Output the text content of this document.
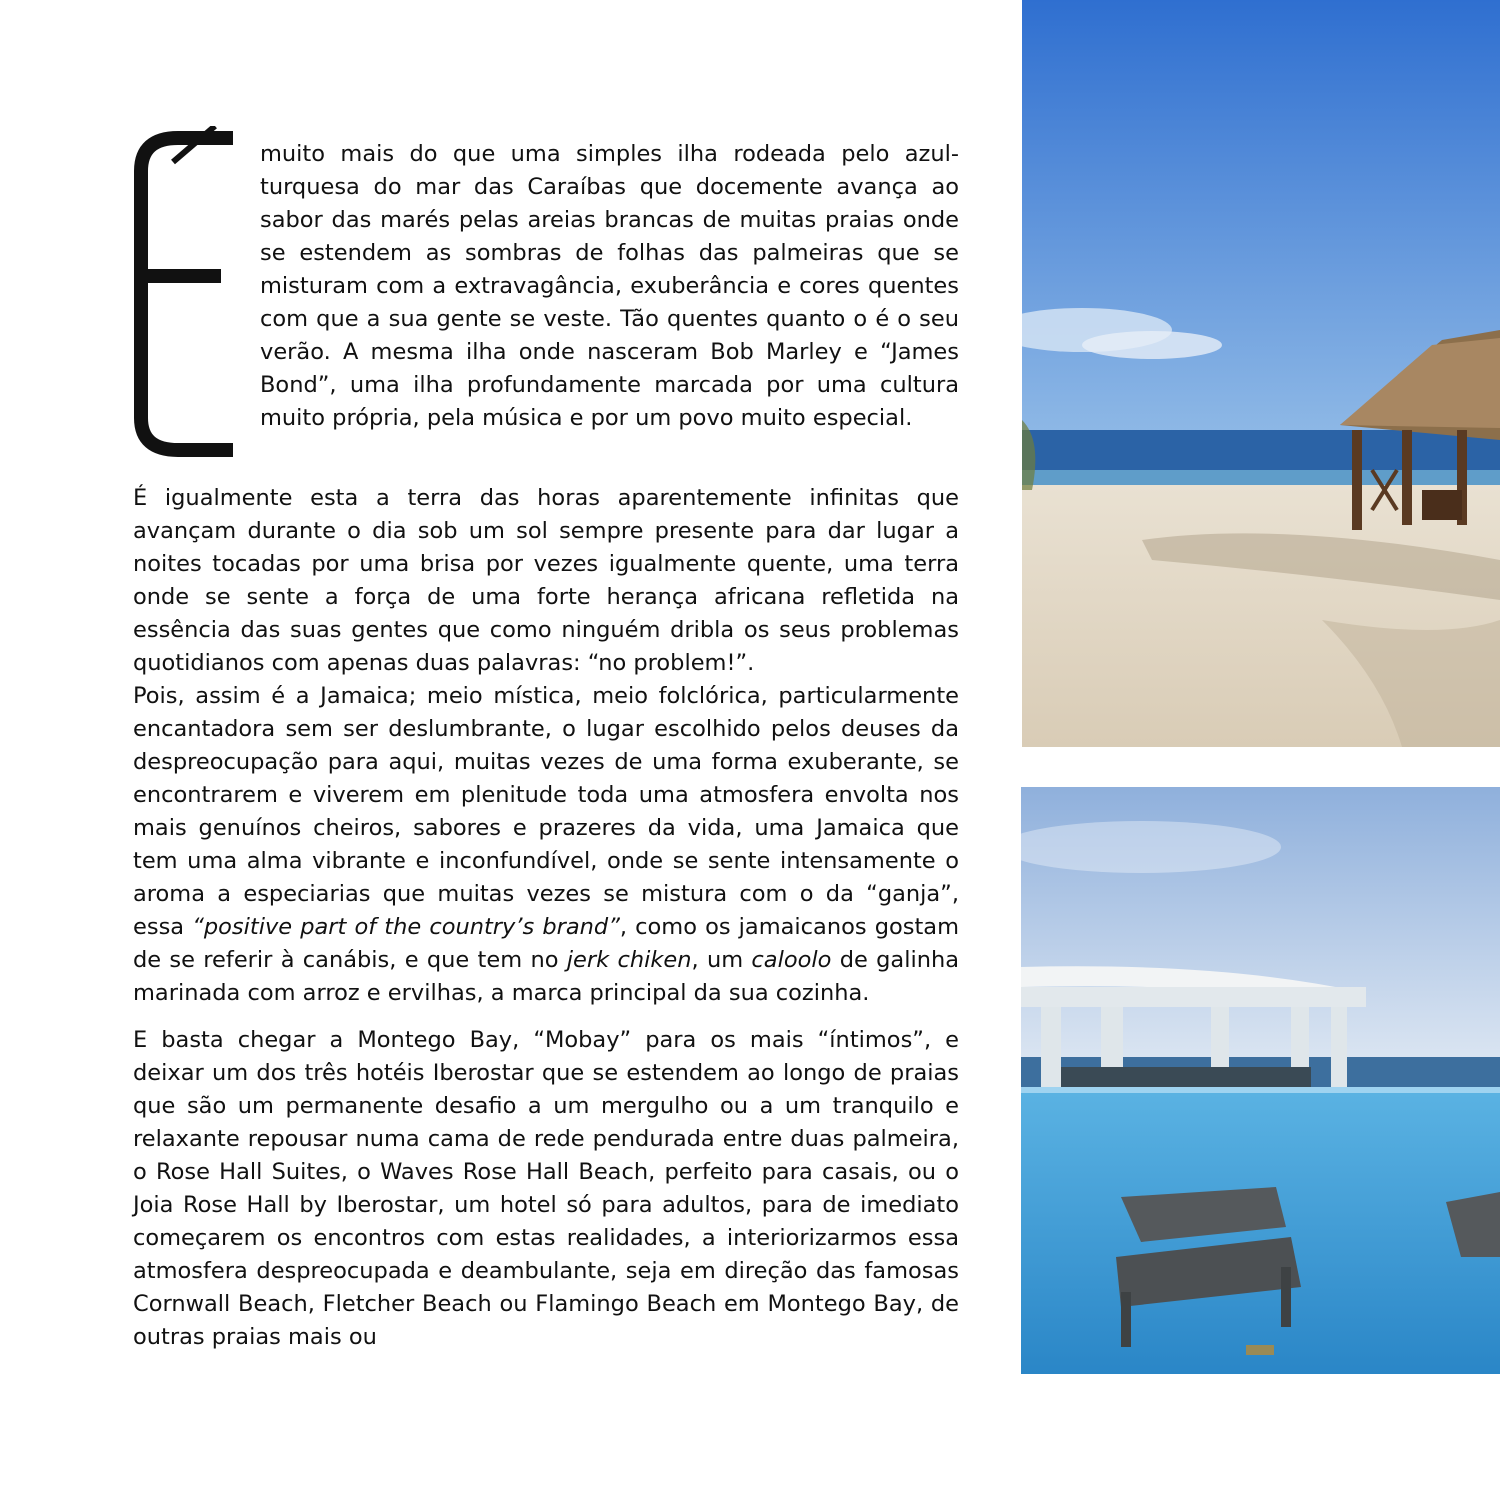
É

muito mais do que uma simples ilha rodeada pelo azul-turquesa do mar das Caraíbas que docemente avança ao sabor das marés pelas areias brancas de muitas praias onde se estendem as sombras de folhas das palmeiras que se misturam com a extravagância, exuberância e cores quentes com que a sua gente se veste. Tão quentes quanto o é o seu verão. A mesma ilha onde nasceram Bob Marley e “James Bond”, uma ilha profundamente marcada por uma cultura muito própria, pela música e por um povo muito especial.

É igualmente esta a terra das horas aparentemente infinitas que avançam durante o dia sob um sol sempre presente para dar lugar a noites tocadas por uma brisa por vezes igualmente quente, uma terra onde se sente a força de uma forte herança africana refletida na essência das suas gentes que como ninguém dribla os seus problemas quotidianos com apenas duas palavras: “no problem!”.

Pois, assim é a Jamaica; meio mística, meio folclórica, particularmente encantadora sem ser deslumbrante, o lugar escolhido pelos deuses da despreocupação para aqui, muitas vezes de uma forma exuberante, se encontrarem e viverem em plenitude toda uma atmosfera envolta nos mais genuínos cheiros, sabores e prazeres da vida, uma Jamaica que tem uma alma vibrante e inconfundível, onde se sente intensamente o aroma a especiarias que muitas vezes se mistura com o da “ganja”, essa “positive part of the country’s brand”, como os jamaicanos gostam de se referir à canábis, e que tem no jerk chiken, um caloolo de galinha marinada com arroz e ervilhas, a marca principal da sua cozinha.

E basta chegar a Montego Bay, “Mobay” para os mais “íntimos”, e deixar um dos três hotéis Iberostar que se estendem ao longo de praias que são um permanente desafio a um mergulho ou a um tranquilo e relaxante repousar numa cama de rede pendurada entre duas palmeira, o Rose Hall Suites, o Waves Rose Hall Beach, perfeito para casais, ou o Joia Rose Hall by Iberostar, um hotel só para adultos, para de imediato começarem os encontros com estas realidades, a interiorizarmos essa atmosfera despreocupada e deambulante, seja em direção das famosas Cornwall Beach, Fletcher Beach ou Flamingo Beach em Montego Bay, de outras praias mais ou
